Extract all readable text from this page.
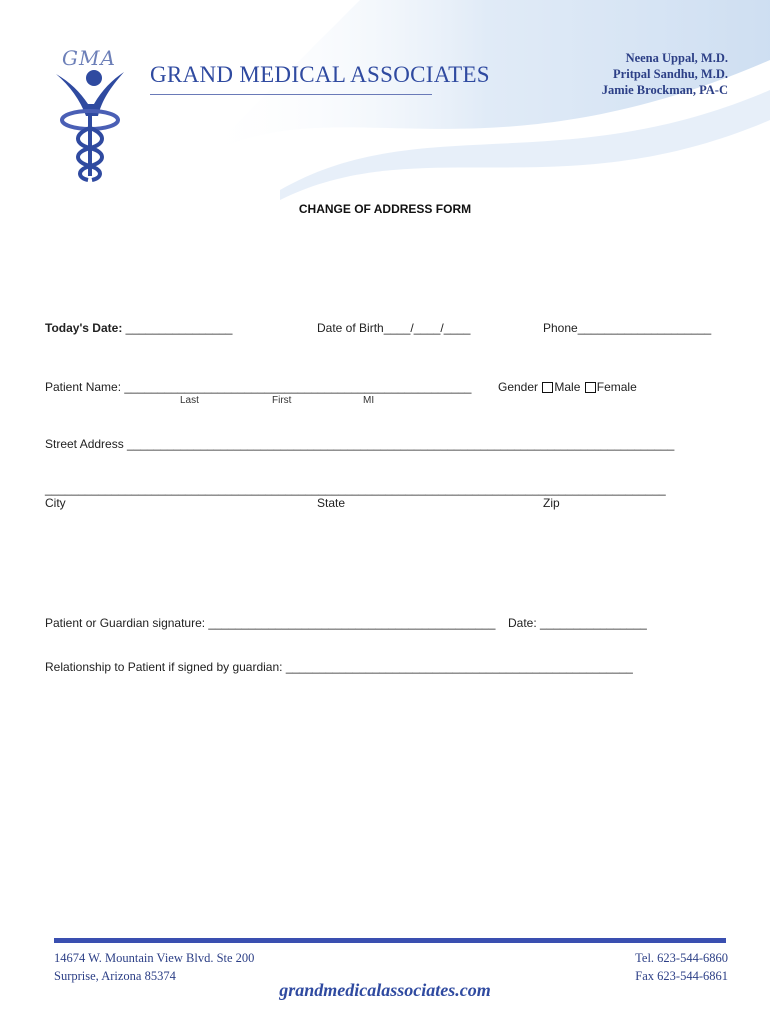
GMA
GRAND MEDICAL ASSOCIATES
Neena Uppal, M.D.
Pritpal Sandhu, M.D.
Jamie Brockman, PA-C
CHANGE OF ADDRESS FORM
Today's Date: ________________	Date of Birth____/____/____	Phone____________________
Patient Name: ____________________________________________________
Last	First	MI
Gender Male Female
Street Address __________________________________________________________________________________
_____________________________________________________________________________________________
City	State	Zip
Patient or Guardian signature: ___________________________________________ Date: ________________
Relationship to Patient if signed by guardian: ____________________________________________________
14674 W. Mountain View Blvd. Ste 200
Surprise, Arizona 85374
Tel. 623-544-6860
Fax 623-544-6861
grandmedicalassociates.com
